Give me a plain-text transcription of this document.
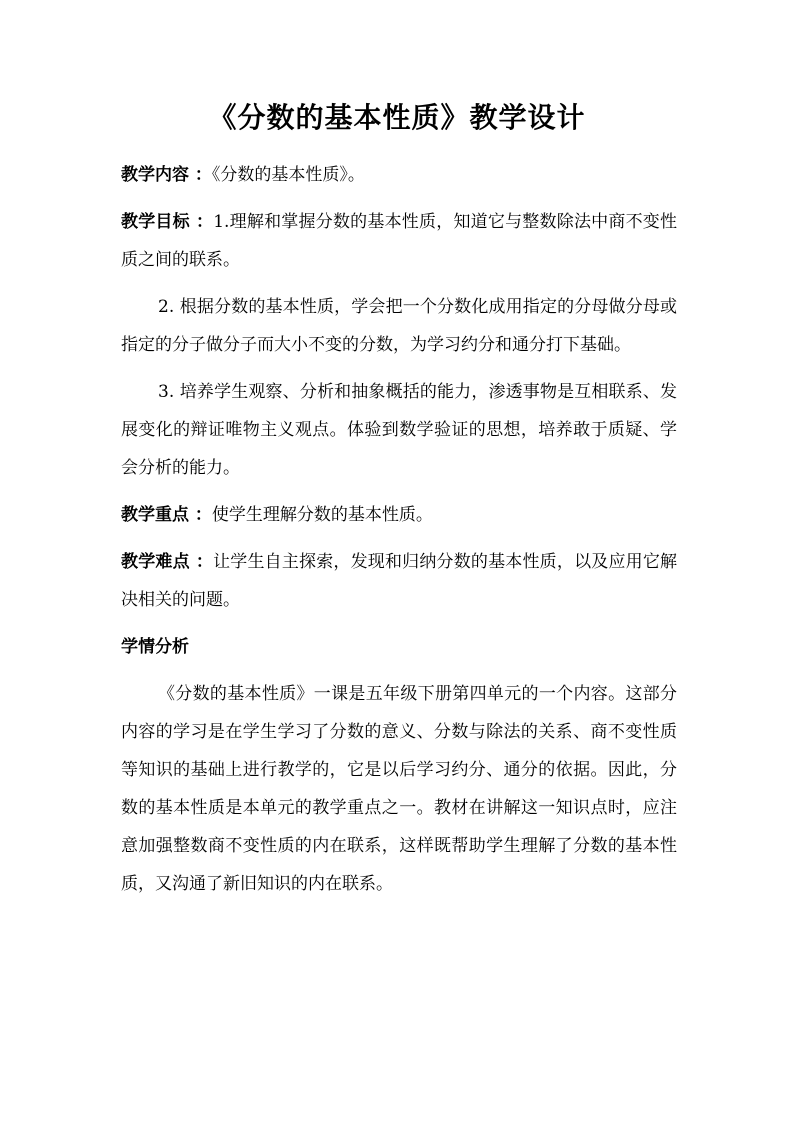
《分数的基本性质》教学设计

教学内容 ：《分数的基本性质》。

教学目标 ：1.理解和掌握分数的基本性质，知道它与整数除法中商不变性质之间的联系。

2. 根据分数的基本性质，学会把一个分数化成用指定的分母做分母或指定的分子做分子而大小不变的分数，为学习约分和通分打下基础。

3. 培养学生观察、分析和抽象概括的能力，渗透事物是互相联系、发展变化的辩证唯物主义观点。体验到数学验证的思想，培养敢于质疑、学会分析的能力。

教学重点 ：使学生理解分数的基本性质。

教学难点 ：让学生自主探索，发现和归纳分数的基本性质，以及应用它解决相关的问题。

学情分析

《分数的基本性质》一课是五年级下册第四单元的一个内容。这部分内容的学习是在学生学习了分数的意义、分数与除法的关系、商不变性质等知识的基础上进行教学的，它是以后学习约分、通分的依据。因此，分数的基本性质是本单元的教学重点之一。教材在讲解这一知识点时，应注意加强整数商不变性质的内在联系，这样既帮助学生理解了分数的基本性质，又沟通了新旧知识的内在联系。
